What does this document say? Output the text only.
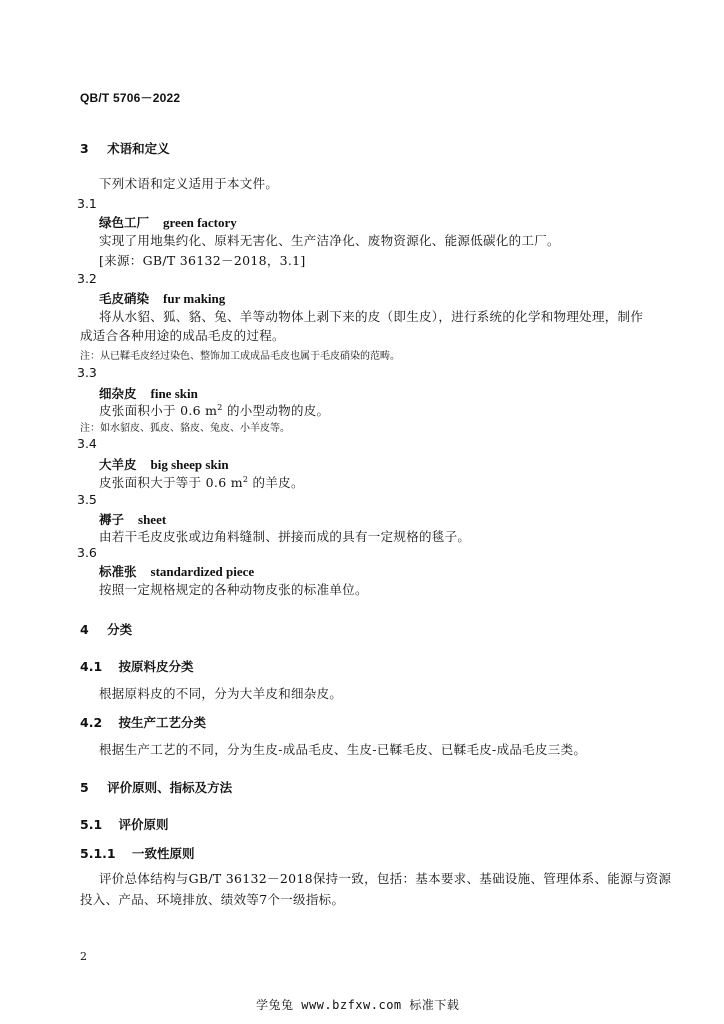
QB/T 5706－2022
3 术语和定义
下列术语和定义适用于本文件。
3.1
绿色工厂 green factory
实现了用地集约化、原料无害化、生产洁净化、废物资源化、能源低碳化的工厂。
[来源：GB/T 36132－2018，3.1]
3.2
毛皮硝染 fur making
将从水貂、狐、貉、兔、羊等动物体上剥下来的皮（即生皮），进行系统的化学和物理处理，制作
成适合各种用途的成品毛皮的过程。
注：从已鞣毛皮经过染色、整饰加工成成品毛皮也属于毛皮硝染的范畴。
3.3
细杂皮 fine skin
皮张面积小于 0.6 $m^2$ 的小型动物的皮。
注：如水貂皮、狐皮、貉皮、兔皮、小羊皮等。
3.4
大羊皮 big sheep skin
皮张面积大于等于 0.6 $m^2$ 的羊皮。
3.5
褥子 sheet
由若干毛皮皮张或边角料缝制、拼接而成的具有一定规格的毯子。
3.6
标准张 standardized piece
按照一定规格规定的各种动物皮张的标准单位。
4 分类
4.1 按原料皮分类
根据原料皮的不同，分为大羊皮和细杂皮。
4.2 按生产工艺分类
根据生产工艺的不同，分为生皮-成品毛皮、生皮-已鞣毛皮、已鞣毛皮-成品毛皮三类。
5 评价原则、指标及方法
5.1 评价原则
5.1.1 一致性原则
评价总体结构与GB/T 36132－2018保持一致，包括：基本要求、基础设施、管理体系、能源与资源
投入、产品、环境排放、绩效等7个一级指标。
2
学兔兔 www.bzfxw.com 标准下载
